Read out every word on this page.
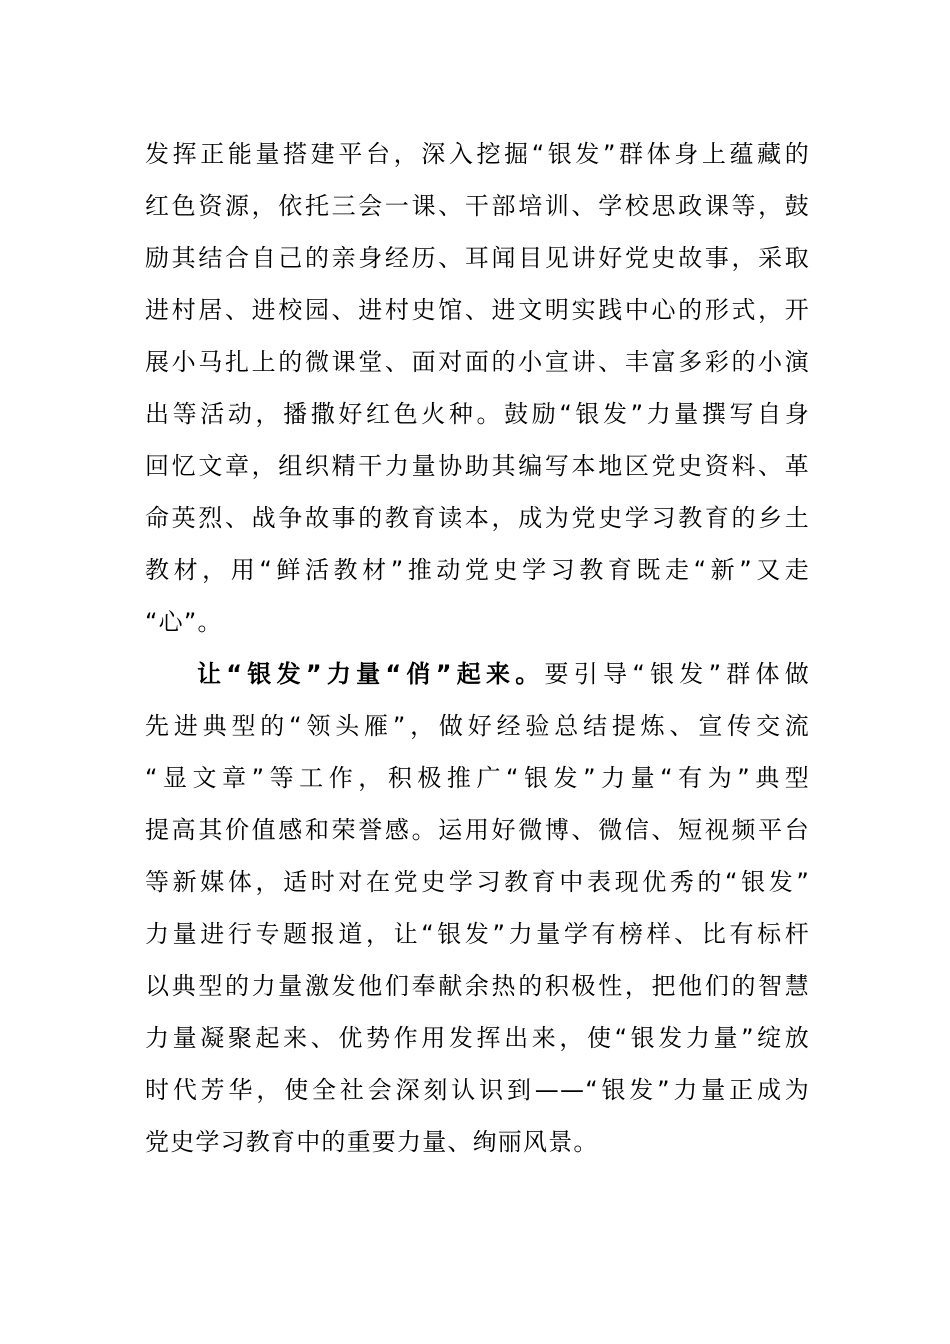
发挥正能量搭建平台，深入挖掘“银发”群体身上蕴藏的
红色资源，依托三会一课、干部培训、学校思政课等，鼓
励其结合自己的亲身经历、耳闻目见讲好党史故事，采取
进村居、进校园、进村史馆、进文明实践中心的形式，开
展小马扎上的微课堂、面对面的小宣讲、丰富多彩的小演
出等活动，播撒好红色火种。鼓励“银发”力量撰写自身
回忆文章，组织精干力量协助其编写本地区党史资料、革
命英烈、战争故事的教育读本，成为党史学习教育的乡土
教材，用“鲜活教材”推动党史学习教育既走“新”又走
“心”。
让“银发”力量“俏”起来。要引导“银发”群体做
先进典型的“领头雁”，做好经验总结提炼、宣传交流
“显文章”等工作，积极推广“银发”力量“有为”典型
提高其价值感和荣誉感。运用好微博、微信、短视频平台
等新媒体，适时对在党史学习教育中表现优秀的“银发”
力量进行专题报道，让“银发”力量学有榜样、比有标杆
以典型的力量激发他们奉献余热的积极性，把他们的智慧
力量凝聚起来、优势作用发挥出来，使“银发力量”绽放
时代芳华，使全社会深刻认识到——“银发”力量正成为
党史学习教育中的重要力量、绚丽风景。
